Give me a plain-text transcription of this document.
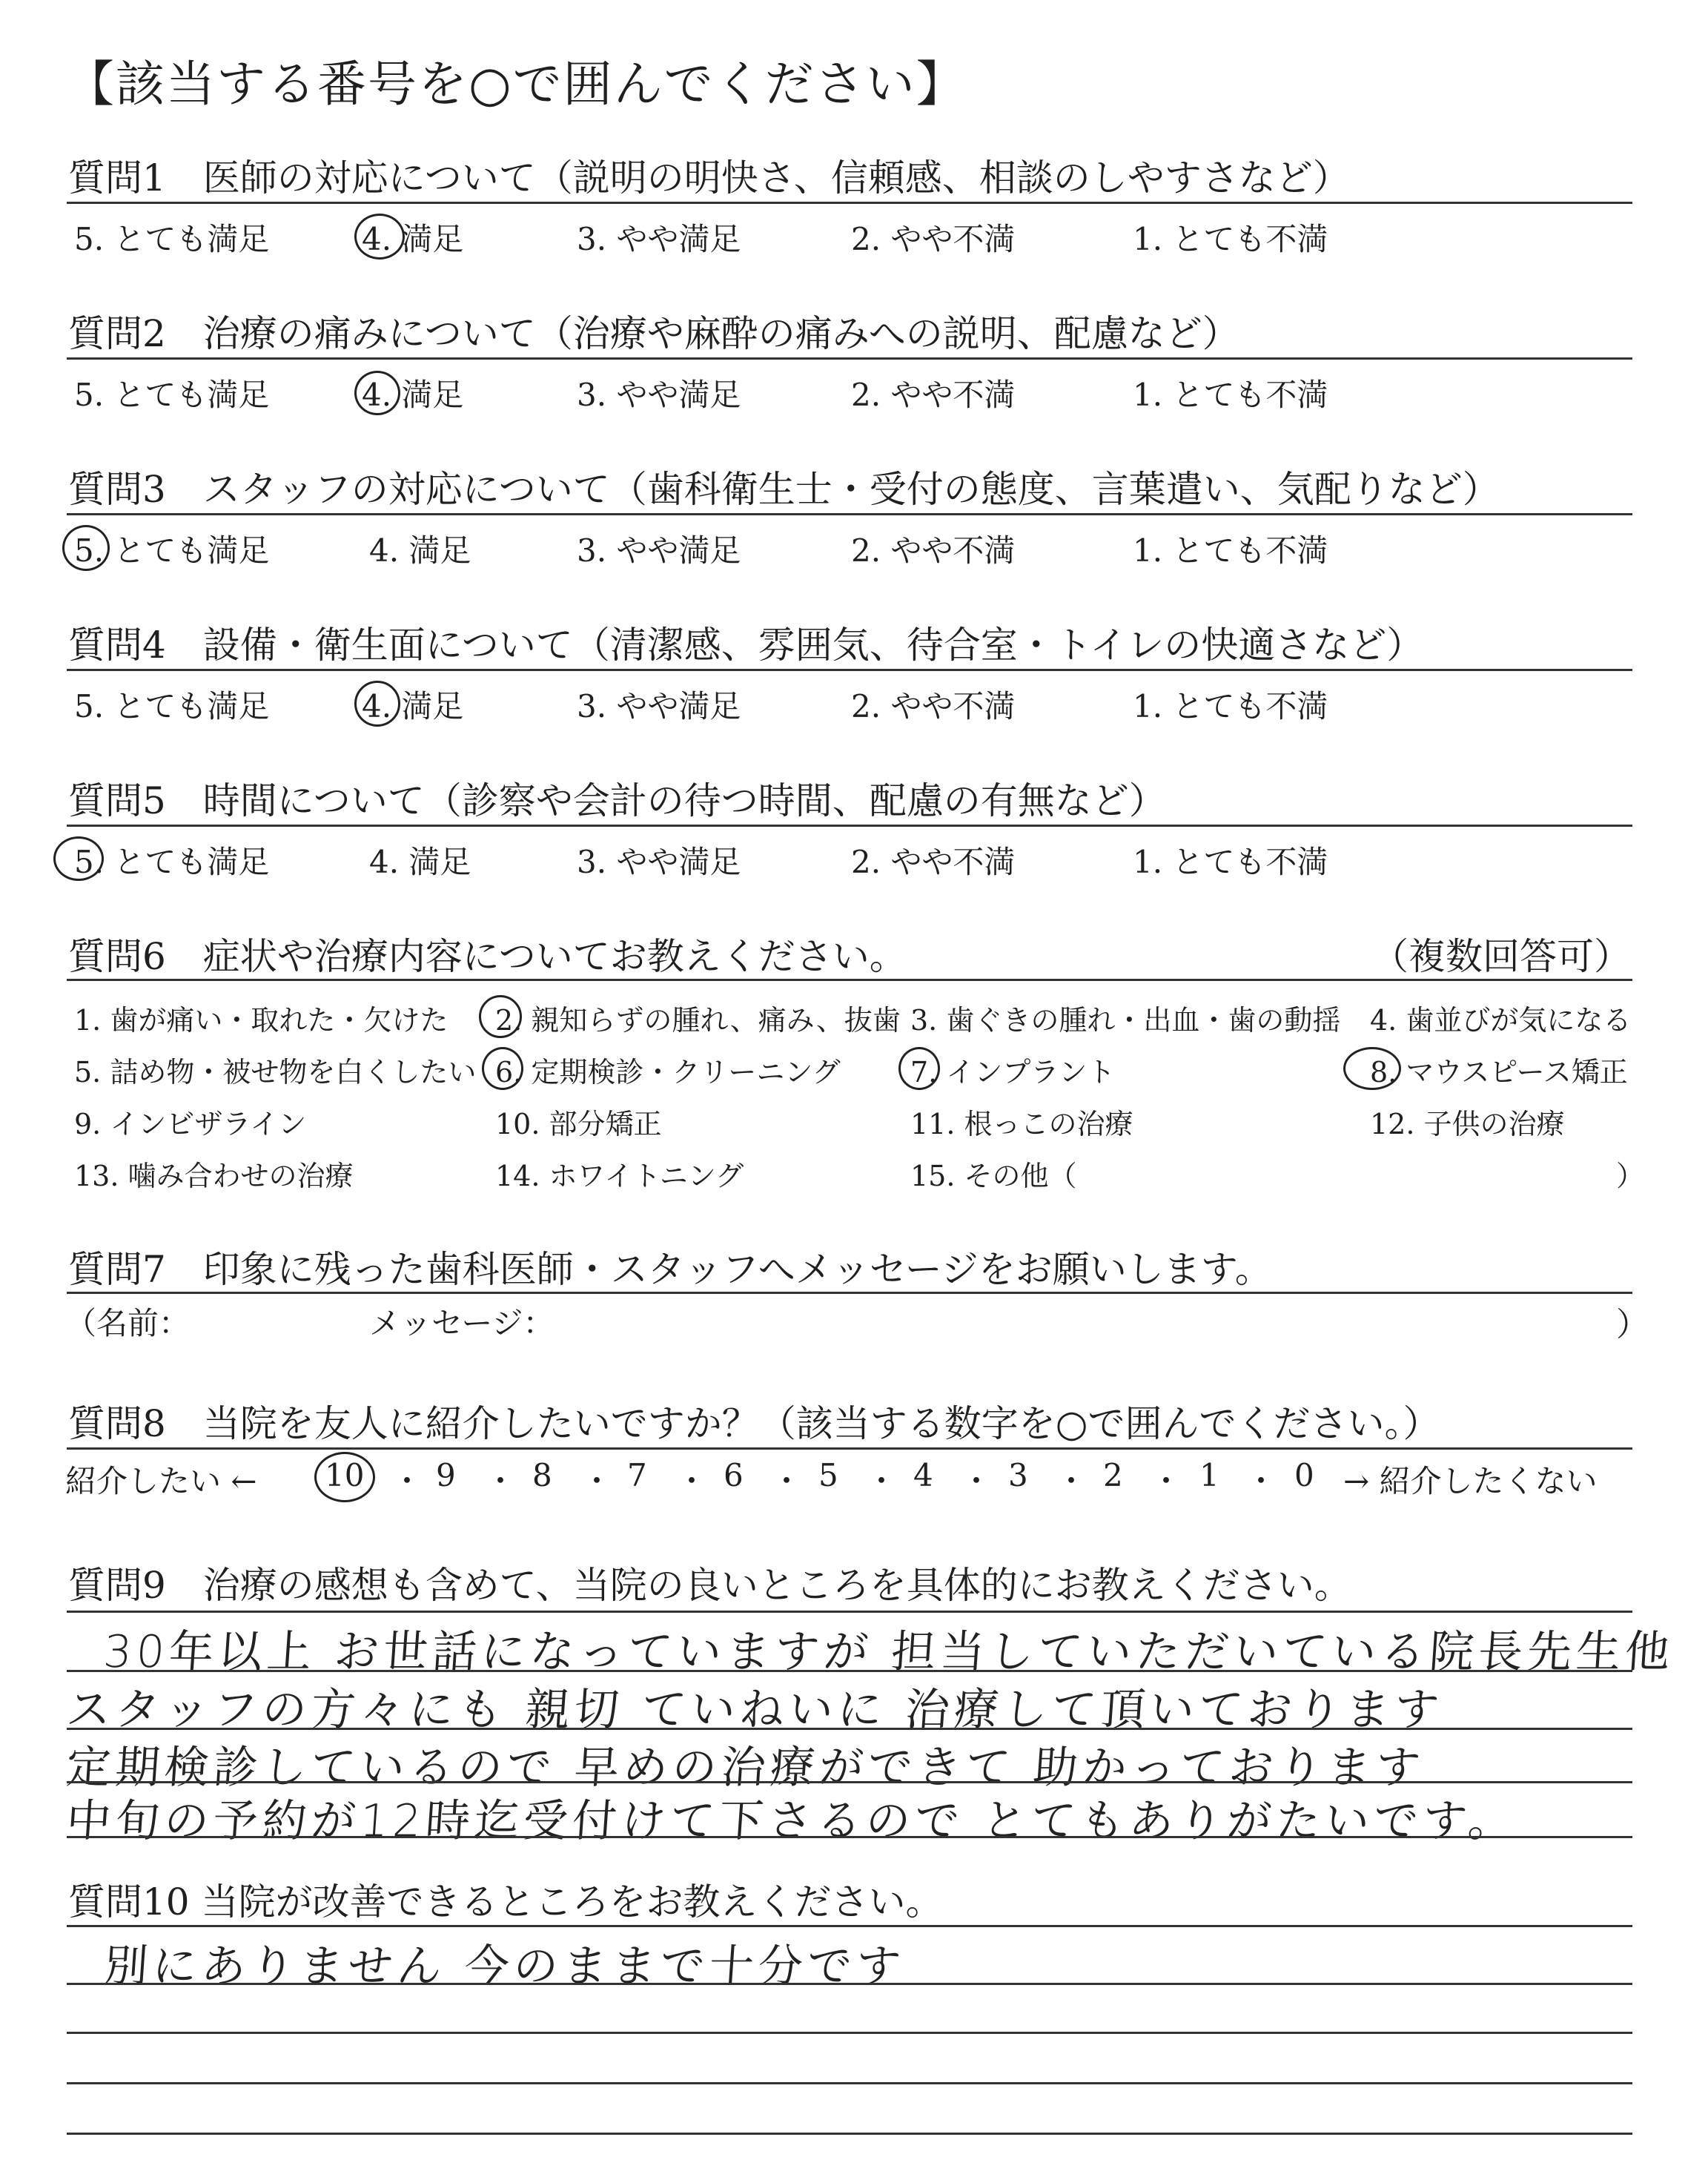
【該当する番号を○で囲んでください】
質問1　医師の対応について（説明の明快さ、信頼感、相談のしやすさなど）
5. とても満足	4. 満足	3. やや満足	2. やや不満	1. とても不満
質問2　治療の痛みについて（治療や麻酔の痛みへの説明、配慮など）
5. とても満足	4. 満足	3. やや満足	2. やや不満	1. とても不満
質問3　スタッフの対応について（歯科衛生士・受付の態度、言葉遣い、気配りなど）
5. とても満足	4. 満足	3. やや満足	2. やや不満	1. とても不満
質問4　設備・衛生面について（清潔感、雰囲気、待合室・トイレの快適さなど）
5. とても満足	4. 満足	3. やや満足	2. やや不満	1. とても不満
質問5　時間について（診察や会計の待つ時間、配慮の有無など）
5. とても満足	4. 満足	3. やや満足	2. やや不満	1. とても不満
質問6　症状や治療内容についてお教えください。	（複数回答可）
1. 歯が痛い・取れた・欠けた 2. 親知らずの腫れ、痛み、抜歯 3. 歯ぐきの腫れ・出血・歯の動揺 4. 歯並びが気になる
5. 詰め物・被せ物を白くしたい 6. 定期検診・クリーニング 7. インプラント	8. マウスピース矯正
9. インビザライン	10. 部分矯正	11. 根っこの治療	12. 子供の治療
13. 噛み合わせの治療	14. ホワイトニング	15. その他（	）
質問7　印象に残った歯科医師・スタッフへメッセージをお願いします。
（名前：	メッセージ：	）
質問8　当院を友人に紹介したいですか？（該当する数字を○で囲んでください。）
紹介したい ← 10 ・ 9 ・ 8 ・ 7 ・ 6 ・ 5 ・ 4 ・ 3 ・ 2 ・ 1 ・ 0 → 紹介したくない
質問9　治療の感想も含めて、当院の良いところを具体的にお教えください。
30年以上 お世話になっていますが 担当していただいている院長先生他
スタッフの方々にも 親切 ていねいに 治療して頂いております
定期検診しているので 早めの治療ができて 助かっております
中旬の予約が12時迄受付けて下さるので とてもありがたいです。
質問10 当院が改善できるところをお教えください。
別にありません 今のままで十分です
